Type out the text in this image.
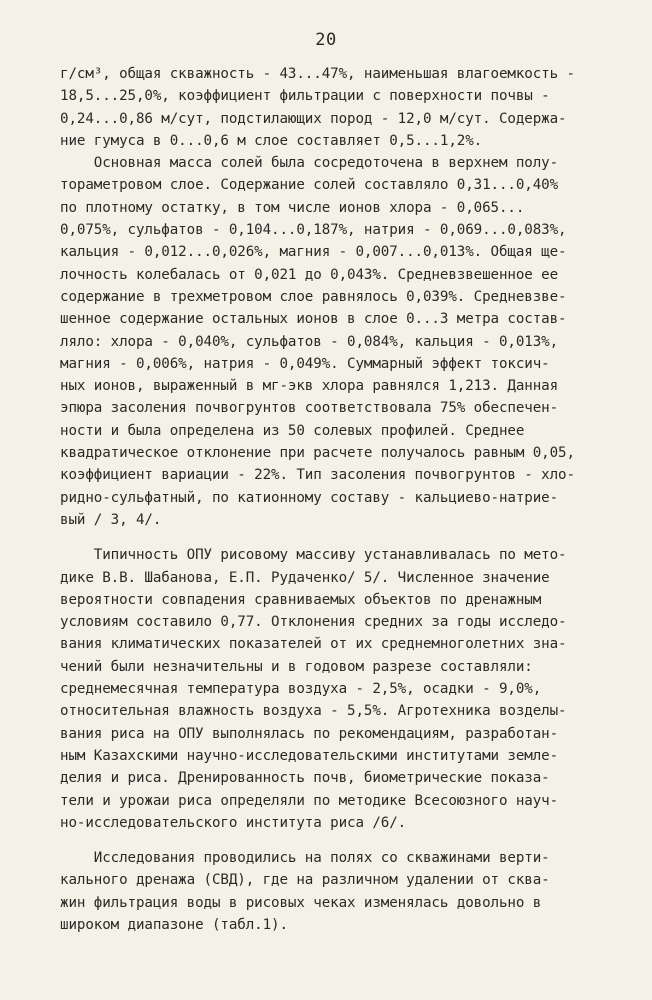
20
г/см³, общая скважность - 43...47%, наименьшая влагоемкость -
18,5...25,0%, коэффициент фильтрации с поверхности почвы -
0,24...0,86 м/сут, подстилающих пород - 12,0 м/сут. Содержа-
ние гумуса в 0...0,6 м слое составляет 0,5...1,2%.
Основная масса солей была сосредоточена в верхнем полу-
тораметровом слое. Содержание солей составляло 0,31...0,40%
по плотному остатку, в том числе ионов хлора - 0,065...
0,075%, сульфатов - 0,104...0,187%, натрия - 0,069...0,083%,
кальция - 0,012...0,026%, магния - 0,007...0,013%. Общая ще-
лочность колебалась от 0,021 до 0,043%. Средневзвешенное ее
содержание в трехметровом слое равнялось 0,039%. Средневзве-
шенное содержание остальных ионов в слое 0...3 метра состав-
ляло: хлора - 0,040%, сульфатов - 0,084%, кальция - 0,013%,
магния - 0,006%, натрия - 0,049%. Суммарный эффект токсич-
ных ионов, выраженный в мг-экв хлора равнялся 1,213. Данная
эпюра засоления почвогрунтов соответствовала 75% обеспечен-
ности и была определена из 50 солевых профилей. Среднее
квадратическое отклонение при расчете получалось равным 0,05,
коэффициент вариации - 22%. Тип засоления почвогрунтов - хло-
ридно-сульфатный, по катионному составу - кальциево-натрие-
вый / 3, 4/.
Типичность ОПУ рисовому массиву устанавливалась по мето-
дике В.В. Шабанова, Е.П. Рудаченко/ 5/. Численное значение
вероятности совпадения сравниваемых объектов по дренажным
условиям составило 0,77. Отклонения средних за годы исследо-
вания климатических показателей от их среднемноголетних зна-
чений были незначительны и в годовом разрезе составляли:
среднемесячная температура воздуха - 2,5%, осадки - 9,0%,
относительная влажность воздуха - 5,5%. Агротехника возделы-
вания риса на ОПУ выполнялась по рекомендациям, разработан-
ным Казахскими научно-исследовательскими институтами земле-
делия и риса. Дренированность почв, биометрические показа-
тели и урожаи риса определяли по методике Всесоюзного науч-
но-исследовательского института риса /6/.
Исследования проводились на полях со скважинами верти-
кального дренажа (СВД), где на различном удалении от сква-
жин фильтрация воды в рисовых чеках изменялась довольно в
широком диапазоне (табл.1).
